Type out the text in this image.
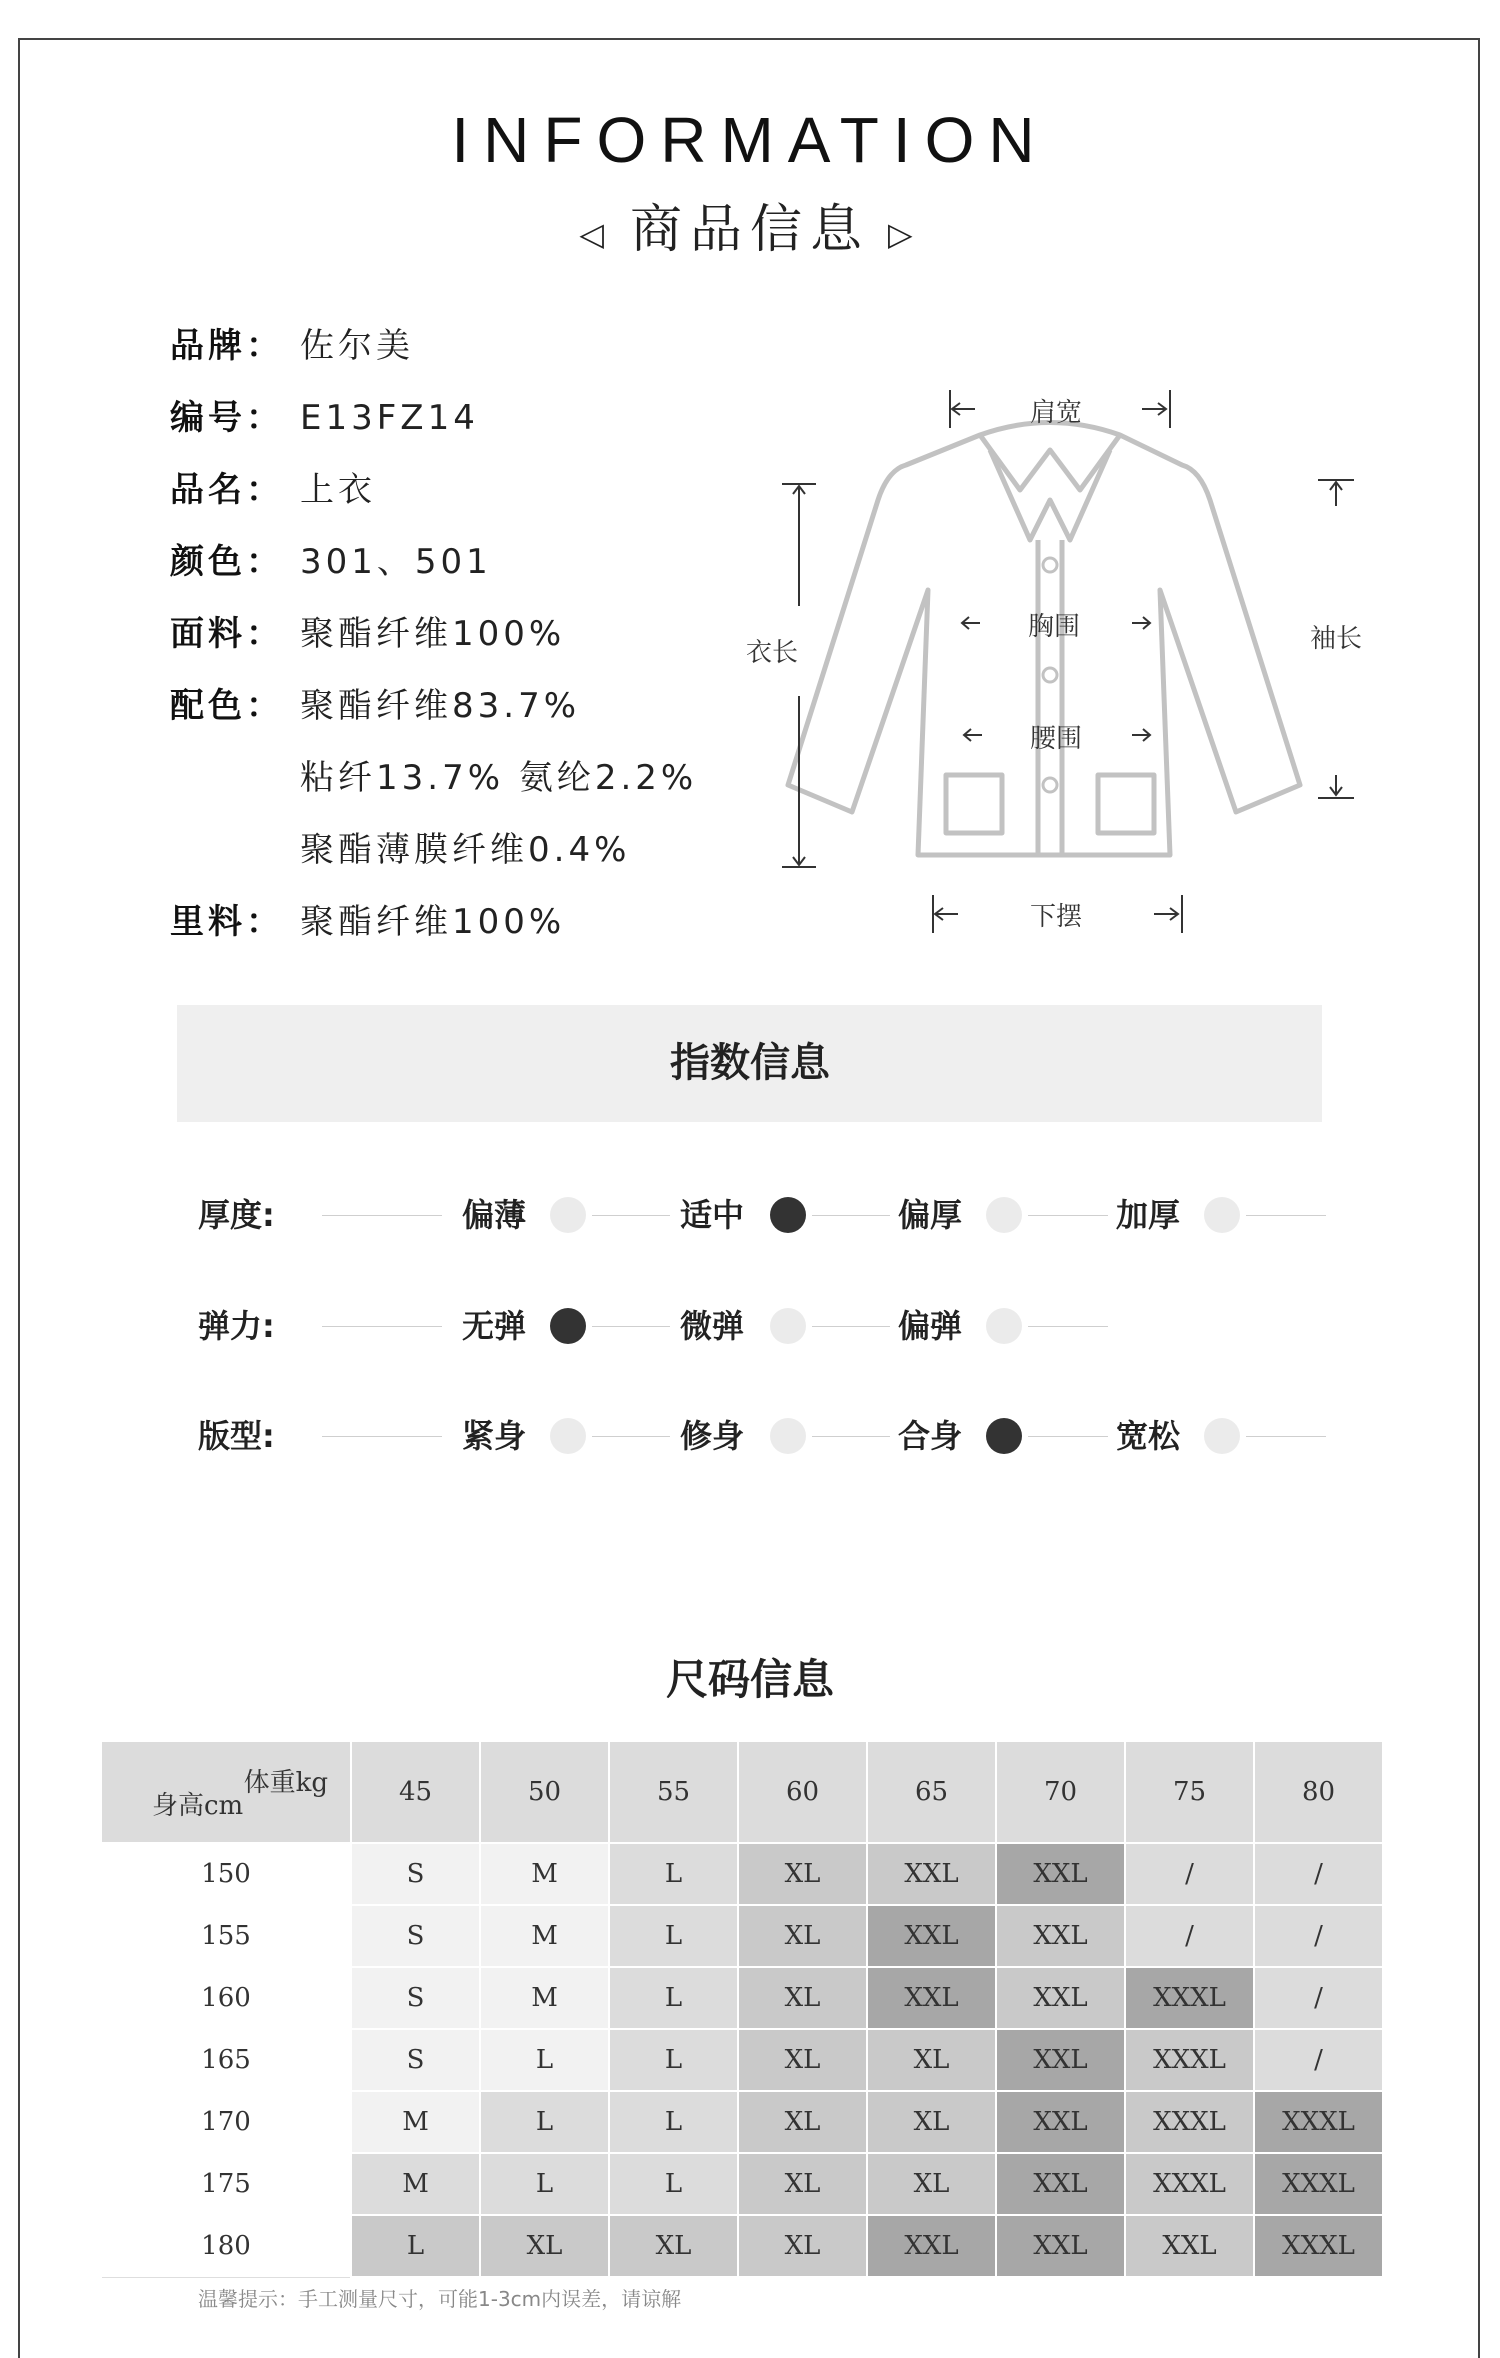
INFORMATION
◁ 商品信息 ▷
品牌： 佐尔美
编号： E13FZ14
品名： 上衣
颜色： 301、501
面料： 聚酯纤维100%
配色： 聚酯纤维83.7%
粘纤13.7% 氨纶2.2%
聚酯薄膜纤维0.4%
里料： 聚酯纤维100%
肩宽
衣长
胸围
腰围
袖长
下摆
指数信息
厚度:	偏薄	适中	偏厚	加厚
弹力:	无弹	微弹	偏弹
版型:	紧身	修身	合身	宽松
尺码信息
体重kg
身高cm	45	50	55	60	65	70	75	80
150	S	M	L	XL	XXL	XXL	/	/
155	S	M	L	XL	XXL	XXL	/	/
160	S	M	L	XL	XXL	XXL	XXXL	/
165	S	L	L	XL	XL	XXL	XXXL	/
170	M	L	L	XL	XL	XXL	XXXL	XXXL
175	M	L	L	XL	XL	XXL	XXXL	XXXL
180	L	XL	XL	XL	XXL	XXL	XXL	XXXL
温馨提示：手工测量尺寸，可能1-3cm内误差，请谅解
